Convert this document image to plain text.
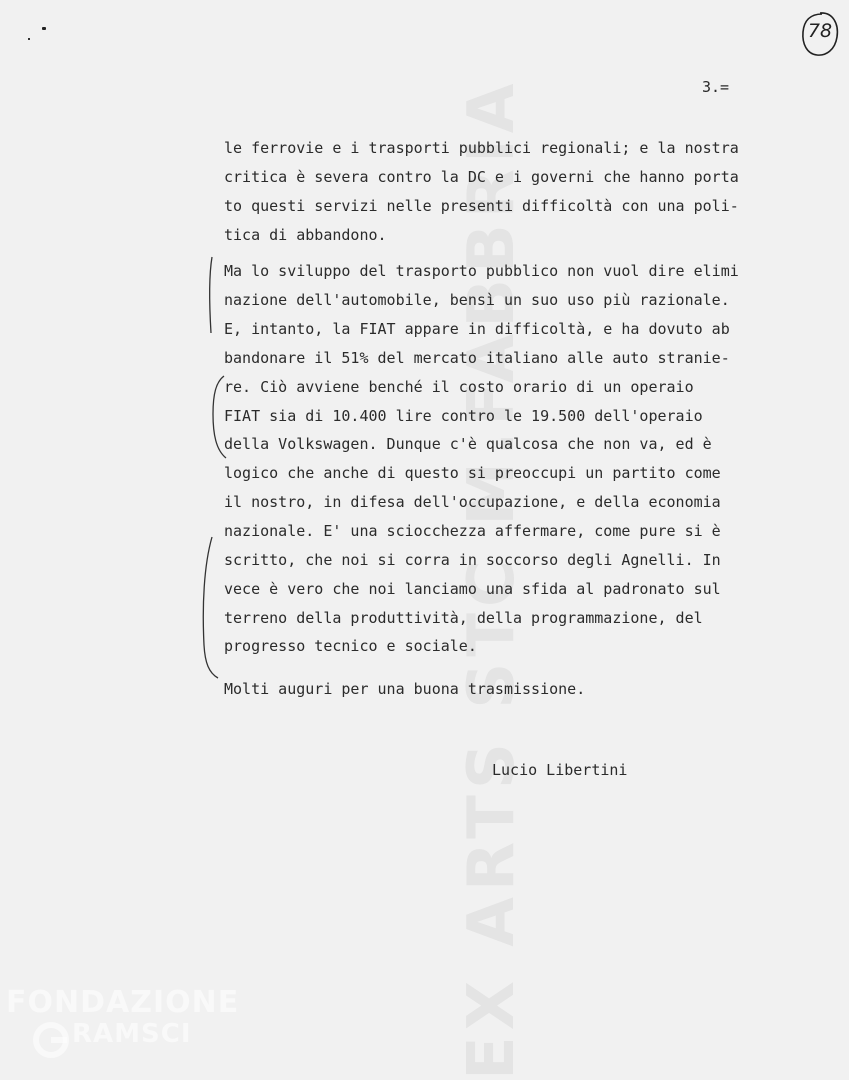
EX ARTS STC M.FABBRIA
78
3.=
le ferrovie e i trasporti pubblici regionali; e la nostra
critica è severa contro la DC e i governi che hanno porta
to questi servizi nelle presenti difficoltà con una poli-
tica di abbandono.
Ma lo sviluppo del trasporto pubblico non vuol dire elimi
nazione dell'automobile, bensì un suo uso più razionale.
E, intanto, la FIAT appare in difficoltà, e ha dovuto ab
bandonare il 51% del mercato italiano alle auto stranie-
re. Ciò avviene benché il costo orario di un operaio
FIAT sia di 10.400 lire contro le 19.500 dell'operaio
della Volkswagen. Dunque c'è qualcosa che non va, ed è
logico che anche di questo si preoccupi un partito come
il nostro, in difesa dell'occupazione, e della economia
nazionale. E' una sciocchezza affermare, come pure si è
scritto, che noi si corra in soccorso degli Agnelli. In
vece è vero che noi lanciamo una sfida al padronato sul
terreno della produttività, della programmazione, del
progresso tecnico e sociale.
Molti auguri per una buona trasmissione.
Lucio Libertini
FONDAZIONE
RAMSCI
